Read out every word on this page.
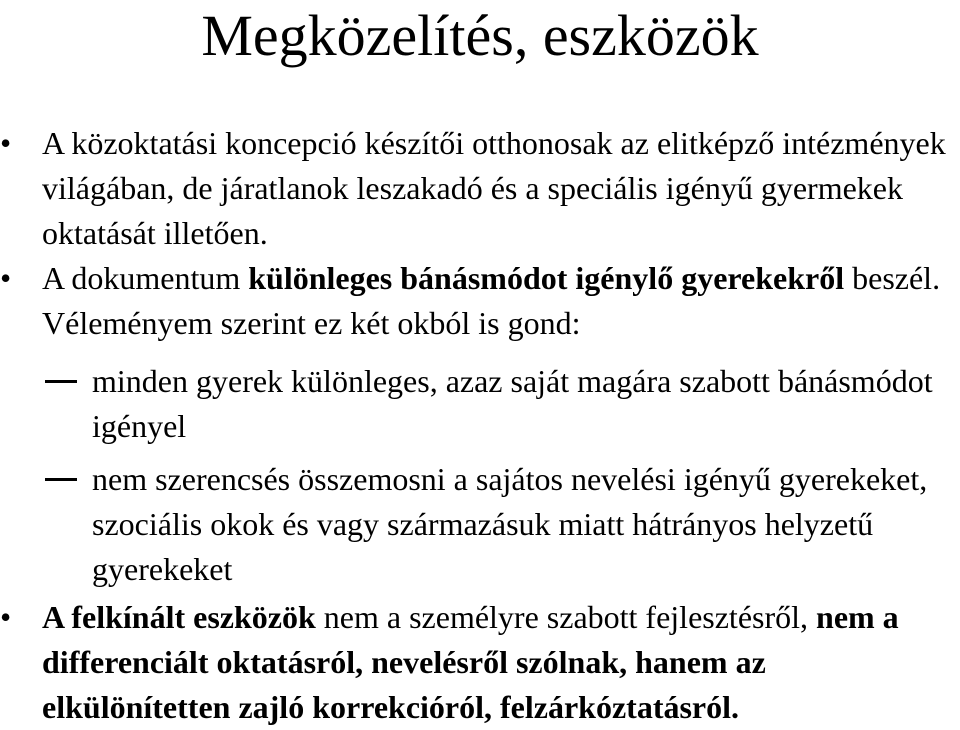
Megközelítés, eszközök
• A közoktatási koncepció készítői otthonosak az elitképző intézmények világában, de járatlanok leszakadó és a speciális igényű gyermekek oktatását illetően.
• A dokumentum különleges bánásmódot igénylő gyerekekről beszél. Véleményem szerint ez két okból is gond:
minden gyerek különleges, azaz saját magára szabott bánásmódot igényel
nem szerencsés összemosni a sajátos nevelési igényű gyerekeket, szociális okok és vagy származásuk miatt hátrányos helyzetű gyerekeket
• A felkínált eszközök nem a személyre szabott fejlesztésről, nem a differenciált oktatásról, nevelésről szólnak, hanem az elkülönítetten zajló korrekcióról, felzárkóztatásról.
